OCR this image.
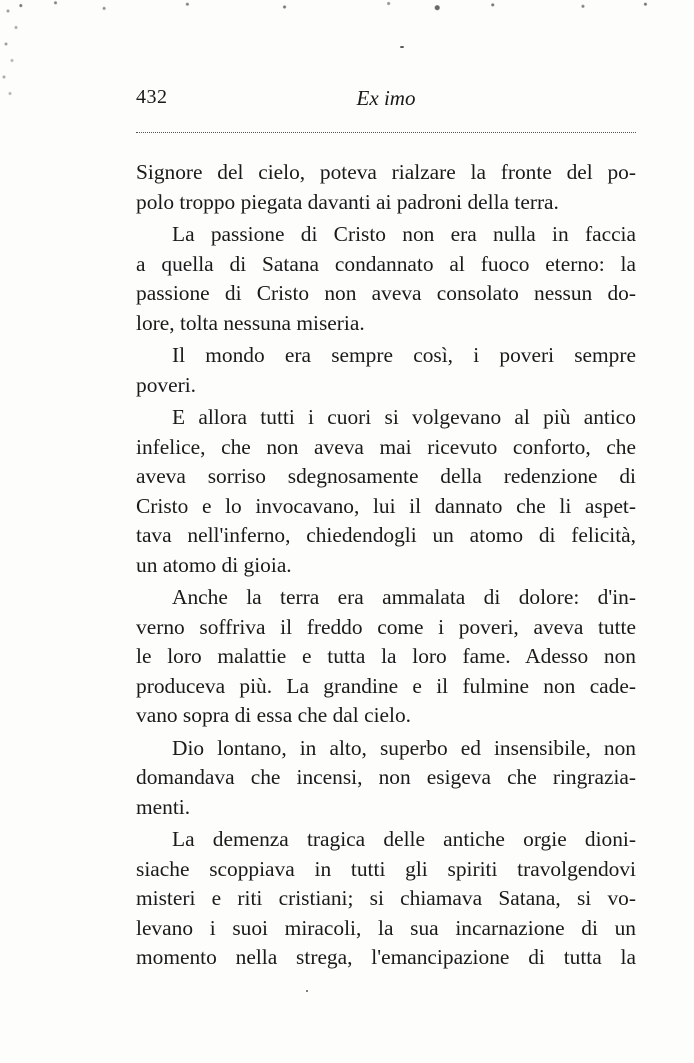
432	Ex imo
Signore del cielo, poteva rialzare la fronte del po-
polo troppo piegata davanti ai padroni della terra.
La passione di Cristo non era nulla in faccia
a quella di Satana condannato al fuoco eterno: la
passione di Cristo non aveva consolato nessun do-
lore, tolta nessuna miseria.
Il mondo era sempre così, i poveri sempre
poveri.
E allora tutti i cuori si volgevano al più antico
infelice, che non aveva mai ricevuto conforto, che
aveva sorriso sdegnosamente della redenzione di
Cristo e lo invocavano, lui il dannato che li aspet-
tava nell'inferno, chiedendogli un atomo di felicità,
un atomo di gioia.
Anche la terra era ammalata di dolore: d'in-
verno soffriva il freddo come i poveri, aveva tutte
le loro malattie e tutta la loro fame. Adesso non
produceva più. La grandine e il fulmine non cade-
vano sopra di essa che dal cielo.
Dio lontano, in alto, superbo ed insensibile, non
domandava che incensi, non esigeva che ringrazia-
menti.
La demenza tragica delle antiche orgie dioni-
siache scoppiava in tutti gli spiriti travolgendovi
misteri e riti cristiani; si chiamava Satana, si vo-
levano i suoi miracoli, la sua incarnazione di un
momento nella strega, l'emancipazione di tutta la
